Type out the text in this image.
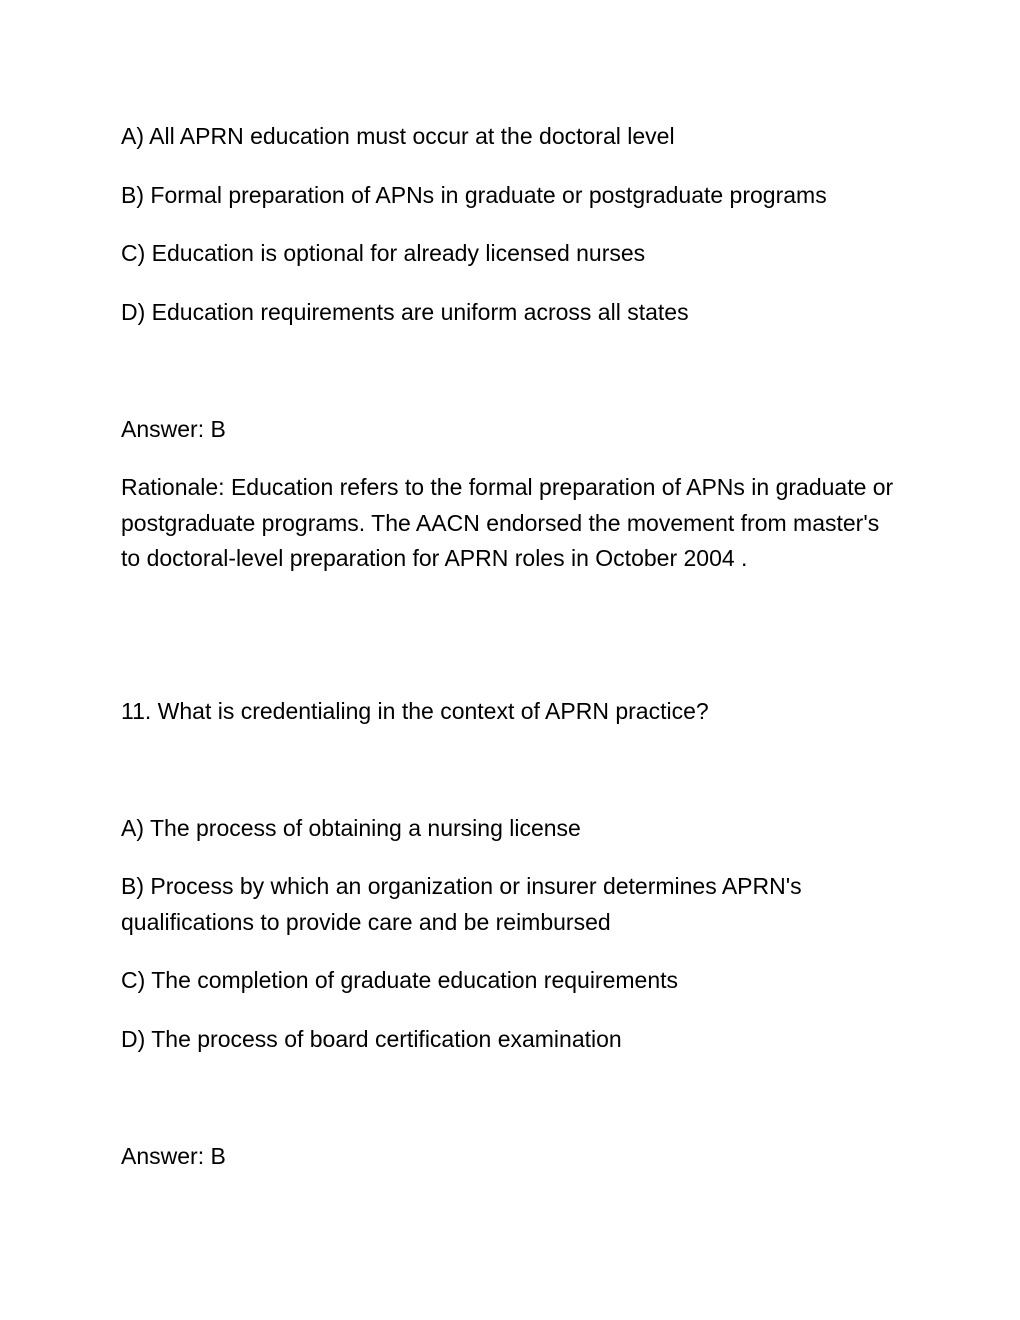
A) All APRN education must occur at the doctoral level
B) Formal preparation of APNs in graduate or postgraduate programs
C) Education is optional for already licensed nurses
D) Education requirements are uniform across all states
Answer: B
Rationale: Education refers to the formal preparation of APNs in graduate or postgraduate programs. The AACN endorsed the movement from master's to doctoral-level preparation for APRN roles in October 2004 .
11. What is credentialing in the context of APRN practice?
A) The process of obtaining a nursing license
B) Process by which an organization or insurer determines APRN's qualifications to provide care and be reimbursed
C) The completion of graduate education requirements
D) The process of board certification examination
Answer: B
